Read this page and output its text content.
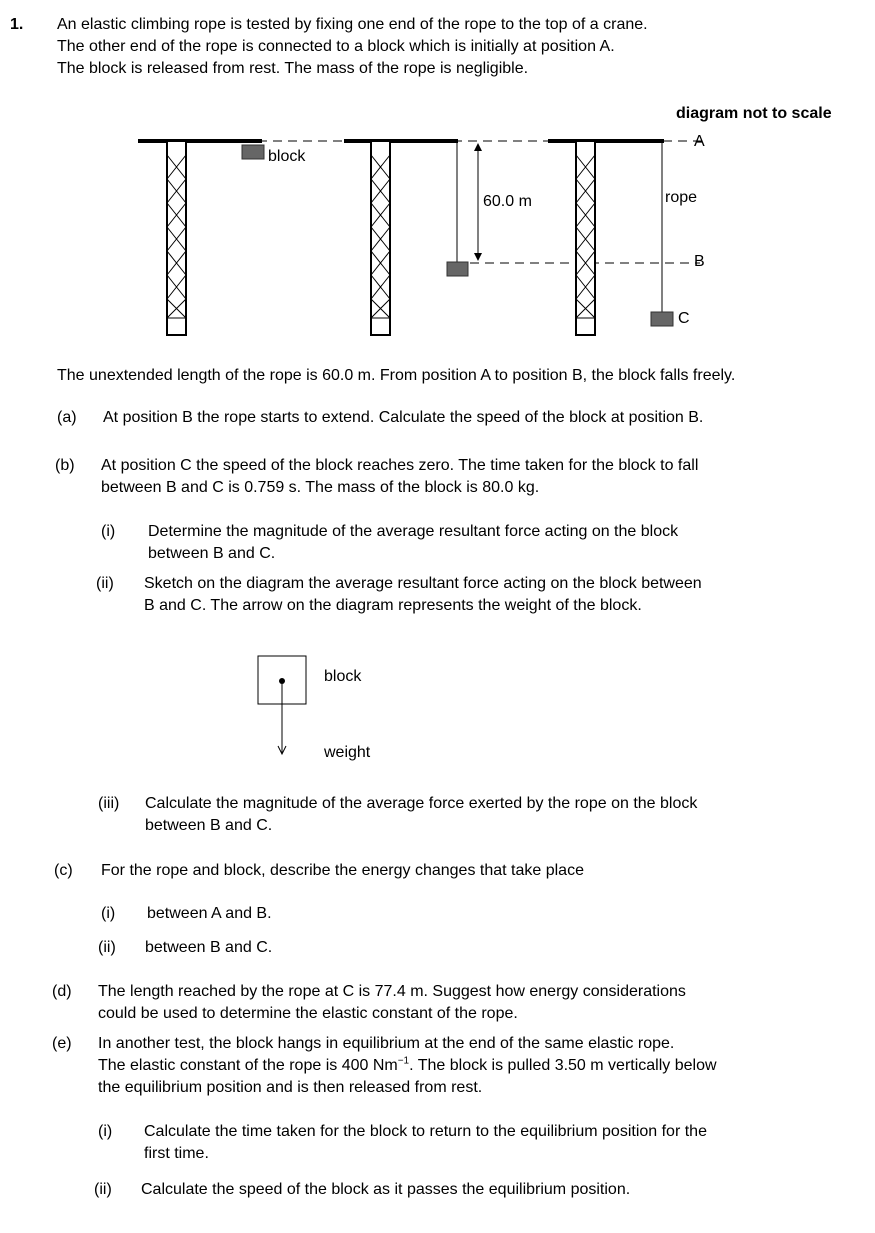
1. An elastic climbing rope is tested by fixing one end of the rope to the top of a crane.
The other end of the rope is connected to a block which is initially at position A.
The block is released from rest. The mass of the rope is negligible.
diagram not to scale
block
60.0 m	rope
A
B
C
The unextended length of the rope is 60.0 m. From position A to position B, the block falls freely.
(a) At position B the rope starts to extend. Calculate the speed of the block at position B.
(b) At position C the speed of the block reaches zero. The time taken for the block to fall
between B and C is 0.759 s. The mass of the block is 80.0 kg.
(i) Determine the magnitude of the average resultant force acting on the block
between B and C.
(ii) Sketch on the diagram the average resultant force acting on the block between
B and C. The arrow on the diagram represents the weight of the block.
block
weight
(iii) Calculate the magnitude of the average force exerted by the rope on the block
between B and C.
(c) For the rope and block, describe the energy changes that take place
(i) between A and B.
(ii) between B and C.
(d) The length reached by the rope at C is 77.4 m. Suggest how energy considerations
could be used to determine the elastic constant of the rope.
(e) In another test, the block hangs in equilibrium at the end of the same elastic rope.
The elastic constant of the rope is 400 $Nm^{-1}$. The block is pulled 3.50 m vertically below
the equilibrium position and is then released from rest.
(i) Calculate the time taken for the block to return to the equilibrium position for the
first time.
(ii) Calculate the speed of the block as it passes the equilibrium position.
